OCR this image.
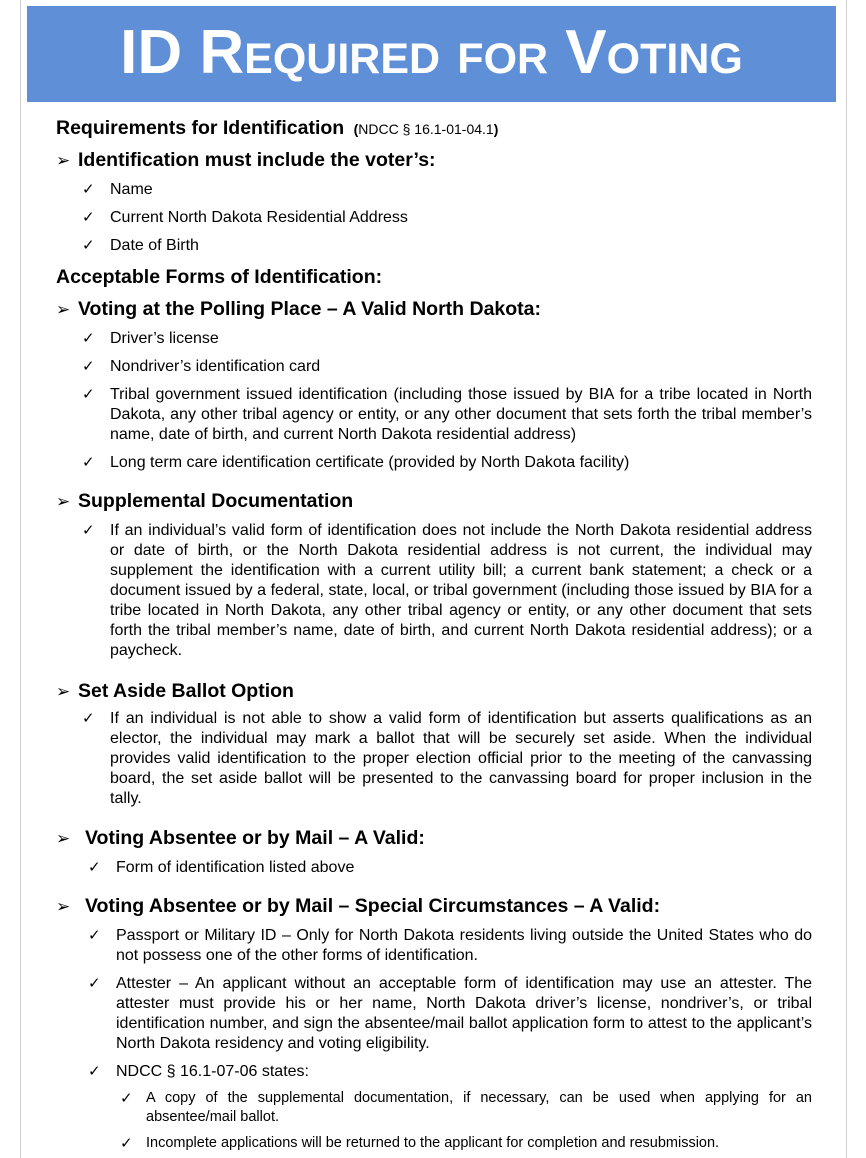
ID Required for Voting
Requirements for Identification (NDCC § 16.1-01-04.1)
➢ Identification must include the voter’s:
✓ Name
✓ Current North Dakota Residential Address
✓ Date of Birth
Acceptable Forms of Identification:
➢ Voting at the Polling Place – A Valid North Dakota:
✓ Driver’s license
✓ Nondriver’s identification card
✓ Tribal government issued identification (including those issued by BIA for a tribe located in North Dakota, any other tribal agency or entity, or any other document that sets forth the tribal member’s name, date of birth, and current North Dakota residential address)
✓ Long term care identification certificate (provided by North Dakota facility)
➢ Supplemental Documentation
✓ If an individual’s valid form of identification does not include the North Dakota residential address or date of birth, or the North Dakota residential address is not current, the individual may supplement the identification with a current utility bill; a current bank statement; a check or a document issued by a federal, state, local, or tribal government (including those issued by BIA for a tribe located in North Dakota, any other tribal agency or entity, or any other document that sets forth the tribal member’s name, date of birth, and current North Dakota residential address); or a paycheck.
➢ Set Aside Ballot Option
✓ If an individual is not able to show a valid form of identification but asserts qualifications as an elector, the individual may mark a ballot that will be securely set aside. When the individual provides valid identification to the proper election official prior to the meeting of the canvassing board, the set aside ballot will be presented to the canvassing board for proper inclusion in the tally.
➢ Voting Absentee or by Mail – A Valid:
✓ Form of identification listed above
➢ Voting Absentee or by Mail – Special Circumstances – A Valid:
✓ Passport or Military ID – Only for North Dakota residents living outside the United States who do not possess one of the other forms of identification.
✓ Attester – An applicant without an acceptable form of identification may use an attester. The attester must provide his or her name, North Dakota driver’s license, nondriver’s, or tribal identification number, and sign the absentee/mail ballot application form to attest to the applicant’s North Dakota residency and voting eligibility.
✓ NDCC § 16.1-07-06 states:
✓ A copy of the supplemental documentation, if necessary, can be used when applying for an absentee/mail ballot.
✓ Incomplete applications will be returned to the applicant for completion and resubmission.
